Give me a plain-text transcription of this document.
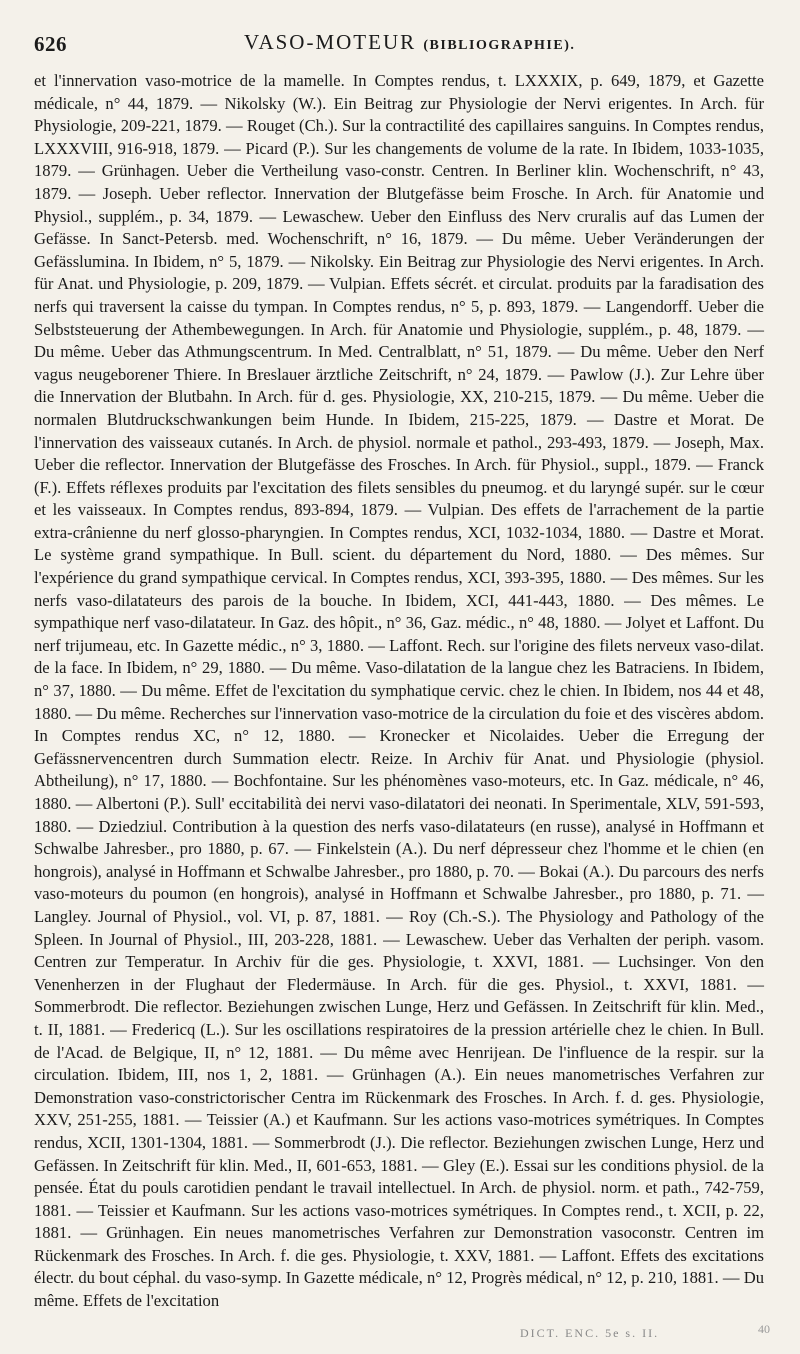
626	VASO-MOTEUR (BIBLIOGRAPHIE).

et l'innervation vaso-motrice de la mamelle. In Comptes rendus, t. LXXXIX, p. 649, 1879, et Gazette médicale, n° 44, 1879. — Nikolsky (W.). Ein Beitrag zur Physiologie der Nervi erigentes. In Arch. für Physiologie, 209-221, 1879. — Rouget (Ch.). Sur la contractilité des capillaires sanguins. In Comptes rendus, LXXXVIII, 916-918, 1879. — Picard (P.). Sur les changements de volume de la rate. In Ibidem, 1033-1035, 1879. — Grünhagen. Ueber die Vertheilung vaso-constr. Centren. In Berliner klin. Wochenschrift, n° 43, 1879. — Joseph. Ueber reflector. Innervation der Blutgefässe beim Frosche. In Arch. für Anatomie und Physiol., supplém., p. 34, 1879. — Lewaschew. Ueber den Einfluss des Nerv cruralis auf das Lumen der Gefässe. In Sanct-Petersb. med. Wochenschrift, n° 16, 1879. — Du même. Ueber Veränderungen der Gefässlumina. In Ibidem, n° 5, 1879. — Nikolsky. Ein Beitrag zur Physiologie des Nervi erigentes. In Arch. für Anat. und Physiologie, p. 209, 1879. — Vulpian. Effets sécrét. et circulat. produits par la faradisation des nerfs qui traversent la caisse du tympan. In Comptes rendus, n° 5, p. 893, 1879. — Langendorff. Ueber die Selbststeuerung der Athembewegungen. In Arch. für Anatomie und Physiologie, supplém., p. 48, 1879. — Du même. Ueber das Athmungscentrum. In Med. Centralblatt, n° 51, 1879. — Du même. Ueber den Nerf vagus neugeborener Thiere. In Breslauer ärztliche Zeitschrift, n° 24, 1879. — Pawlow (J.). Zur Lehre über die Innervation der Blutbahn. In Arch. für d. ges. Physiologie, XX, 210-215, 1879. — Du même. Ueber die normalen Blutdruckschwankungen beim Hunde. In Ibidem, 215-225, 1879. — Dastre et Morat. De l'innervation des vaisseaux cutanés. In Arch. de physiol. normale et pathol., 293-493, 1879. — Joseph, Max. Ueber die reflector. Innervation der Blutgefässe des Frosches. In Arch. für Physiol., suppl., 1879. — Franck (F.). Effets réflexes produits par l'excitation des filets sensibles du pneumog. et du laryngé supér. sur le cœur et les vaisseaux. In Comptes rendus, 893-894, 1879. — Vulpian. Des effets de l'arrachement de la partie extra-crânienne du nerf glosso-pharyngien. In Comptes rendus, XCI, 1032-1034, 1880. — Dastre et Morat. Le système grand sympathique. In Bull. scient. du département du Nord, 1880. — Des mêmes. Sur l'expérience du grand sympathique cervical. In Comptes rendus, XCI, 393-395, 1880. — Des mêmes. Sur les nerfs vaso-dilatateurs des parois de la bouche. In Ibidem, XCI, 441-443, 1880. — Des mêmes. Le sympathique nerf vaso-dilatateur. In Gaz. des hôpit., n° 36, Gaz. médic., n° 48, 1880. — Jolyet et Laffont. Du nerf trijumeau, etc. In Gazette médic., n° 3, 1880. — Laffont. Rech. sur l'origine des filets nerveux vaso-dilat. de la face. In Ibidem, n° 29, 1880. — Du même. Vaso-dilatation de la langue chez les Batraciens. In Ibidem, n° 37, 1880. — Du même. Effet de l'excitation du symphatique cervic. chez le chien. In Ibidem, nos 44 et 48, 1880. — Du même. Recherches sur l'innervation vaso-motrice de la circulation du foie et des viscères abdom. In Comptes rendus XC, n° 12, 1880. — Kronecker et Nicolaides. Ueber die Erregung der Gefässnervencentren durch Summation electr. Reize. In Archiv für Anat. und Physiologie (physiol. Abtheilung), n° 17, 1880. — Bochfontaine. Sur les phénomènes vaso-moteurs, etc. In Gaz. médicale, n° 46, 1880. — Albertoni (P.). Sull' eccitabilità dei nervi vaso-dilatatori dei neonati. In Sperimentale, XLV, 591-593, 1880. — Dziedziul. Contribution à la question des nerfs vaso-dilatateurs (en russe), analysé in Hoffmann et Schwalbe Jahresber., pro 1880, p. 67. — Finkelstein (A.). Du nerf dépresseur chez l'homme et le chien (en hongrois), analysé in Hoffmann et Schwalbe Jahresber., pro 1880, p. 70. — Bokai (A.). Du parcours des nerfs vaso-moteurs du poumon (en hongrois), analysé in Hoffmann et Schwalbe Jahresber., pro 1880, p. 71. — Langley. Journal of Physiol., vol. VI, p. 87, 1881. — Roy (Ch.-S.). The Physiology and Pathology of the Spleen. In Journal of Physiol., III, 203-228, 1881. — Lewaschew. Ueber das Verhalten der periph. vasom. Centren zur Temperatur. In Archiv für die ges. Physiologie, t. XXVI, 1881. — Luchsinger. Von den Venenherzen in der Flughaut der Fledermäuse. In Arch. für die ges. Physiol., t. XXVI, 1881. — Sommerbrodt. Die reflector. Beziehungen zwischen Lunge, Herz und Gefässen. In Zeitschrift für klin. Med., t. II, 1881. — Fredericq (L.). Sur les oscillations respiratoires de la pression artérielle chez le chien. In Bull. de l'Acad. de Belgique, II, n° 12, 1881. — Du même avec Henrijean. De l'influence de la respir. sur la circulation. Ibidem, III, nos 1, 2, 1881. — Grünhagen (A.). Ein neues manometrisches Verfahren zur Demonstration vaso-constrictorischer Centra im Rückenmark des Frosches. In Arch. f. d. ges. Physiologie, XXV, 251-255, 1881. — Teissier (A.) et Kaufmann. Sur les actions vaso-motrices symétriques. In Comptes rendus, XCII, 1301-1304, 1881. — Sommerbrodt (J.). Die reflector. Beziehungen zwischen Lunge, Herz und Gefässen. In Zeitschrift für klin. Med., II, 601-653, 1881. — Gley (E.). Essai sur les conditions physiol. de la pensée. État du pouls carotidien pendant le travail intellectuel. In Arch. de physiol. norm. et path., 742-759, 1881. — Teissier et Kaufmann. Sur les actions vaso-motrices symétriques. In Comptes rend., t. XCII, p. 22, 1881. — Grünhagen. Ein neues manometrisches Verfahren zur Demonstration vasoconstr. Centren im Rückenmark des Frosches. In Arch. f. die ges. Physiologie, t. XXV, 1881. — Laffont. Effets des excitations électr. du bout céphal. du vaso-symp. In Gazette médicale, n° 12, Progrès médical, n° 12, p. 210, 1881. — Du même. Effets de l'excitation

DICT. ENC. 5e s. II.	40
